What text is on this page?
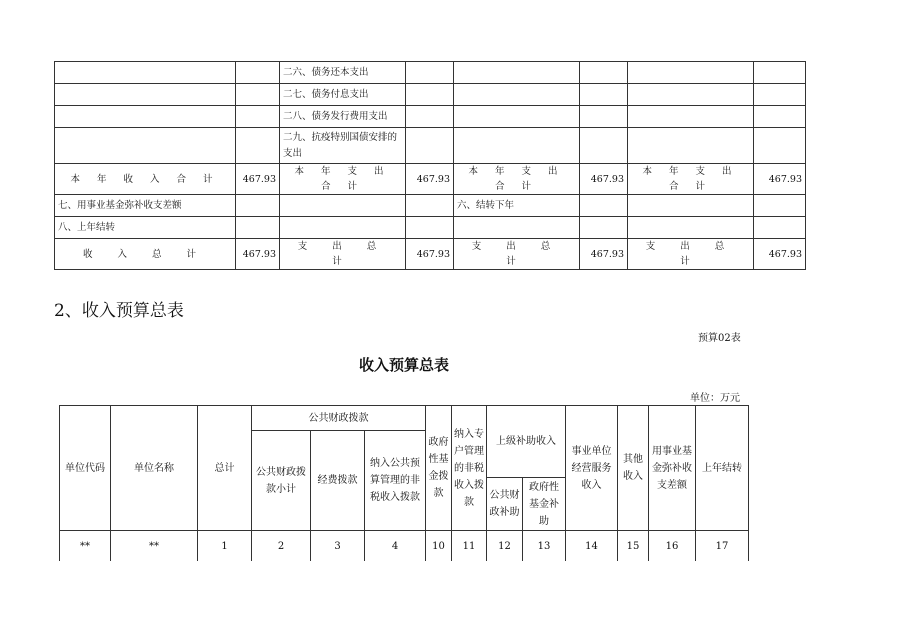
		二六、债务还本支出					
		二七、债务付息支出					
		二八、债务发行费用支出					
		二九、抗疫特别国债安排的支出					
本 年 收 入 合 计	467.93	本 年 支 出 合 计	467.93	本 年 支 出 合 计	467.93	本 年 支 出 合 计	467.93
七、用事业基金弥补收支差额				六、结转下年			
八、上年结转							
收 入 总 计	467.93	支 出 总 计	467.93	支 出 总 计	467.93	支 出 总 计	467.93
2、收入预算总表
预算02表
收入预算总表
单位：万元
单位代码	单位名称	总计	公共财政拨款			政府性基金拨款	纳入专户管理的非税收入拨款	上级补助收入		事业单位经营服务收入	其他收入	用事业基金弥补收支差额	上年结转
			公共财政拨款小计	经费拨款	纳入公共预算管理的非税收入拨款								
								公共财政补助	政府性基金补助				
**	**	1	2	3	4	10	11	12	13	14	15	16	17
